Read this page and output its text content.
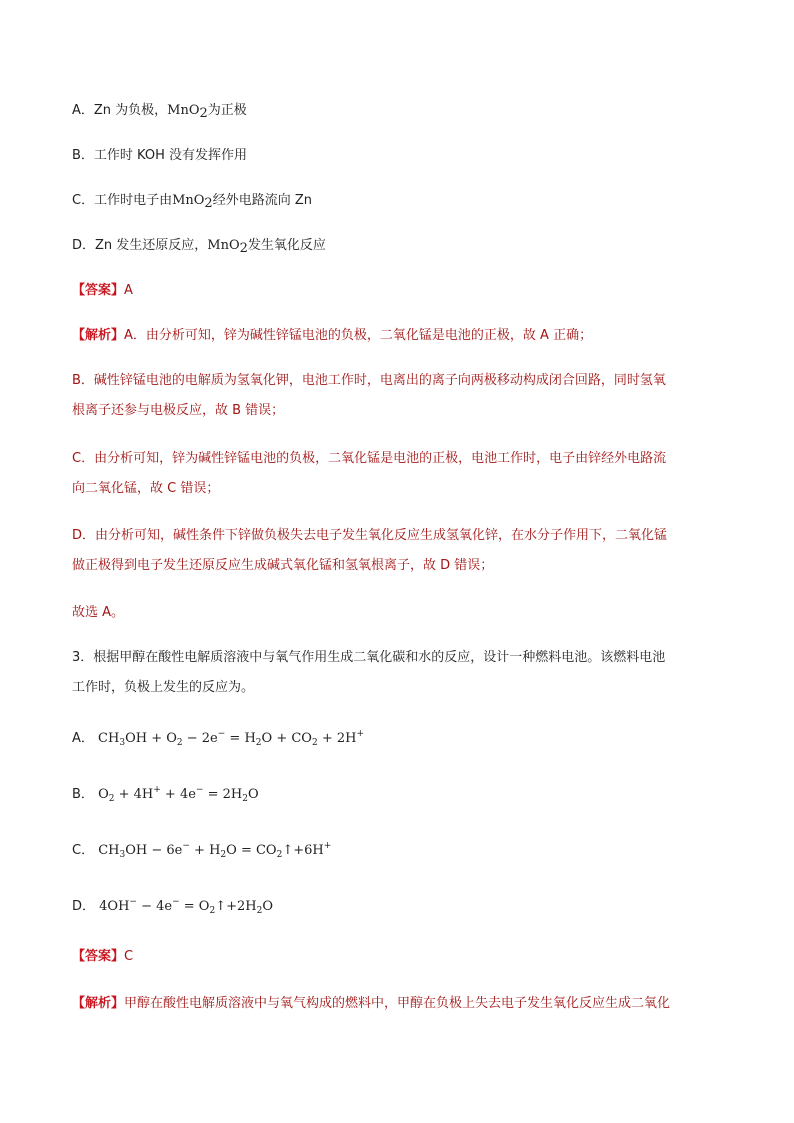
A．Zn 为负极，MnO$_2$为正极
B．工作时 KOH 没有发挥作用
C．工作时电子由MnO$_2$经外电路流向 Zn
D．Zn 发生还原反应，MnO$_2$发生氧化反应
【答案】A
【解析】A．由分析可知，锌为碱性锌锰电池的负极，二氧化锰是电池的正极，故 A 正确；
B．碱性锌锰电池的电解质为氢氧化钾，电池工作时，电离出的离子向两极移动构成闭合回路，同时氢氧
根离子还参与电极反应，故 B 错误；
C．由分析可知，锌为碱性锌锰电池的负极，二氧化锰是电池的正极，电池工作时，电子由锌经外电路流
向二氧化锰，故 C 错误；
D．由分析可知，碱性条件下锌做负极失去电子发生氧化反应生成氢氧化锌，在水分子作用下，二氧化锰
做正极得到电子发生还原反应生成碱式氧化锰和氢氧根离子，故 D 错误；
故选 A。
3．根据甲醇在酸性电解质溶液中与氧气作用生成二氧化碳和水的反应，设计一种燃料电池。该燃料电池
工作时，负极上发生的反应为。
A． $CH_3OH + O_2 - 2e^- = H_2O + CO_2 + 2H^+$
B． $O_2 + 4H^+ + 4e^- = 2H_2O$
C． $CH_3OH - 6e^- + H_2O$ = $CO_2↑+6H^+$
D． $4OH^- - 4e^- = O_2↑+2H_2O$
【答案】C
【解析】甲醇在酸性电解质溶液中与氧气构成的燃料中，甲醇在负极上失去电子发生氧化反应生成二氧化
